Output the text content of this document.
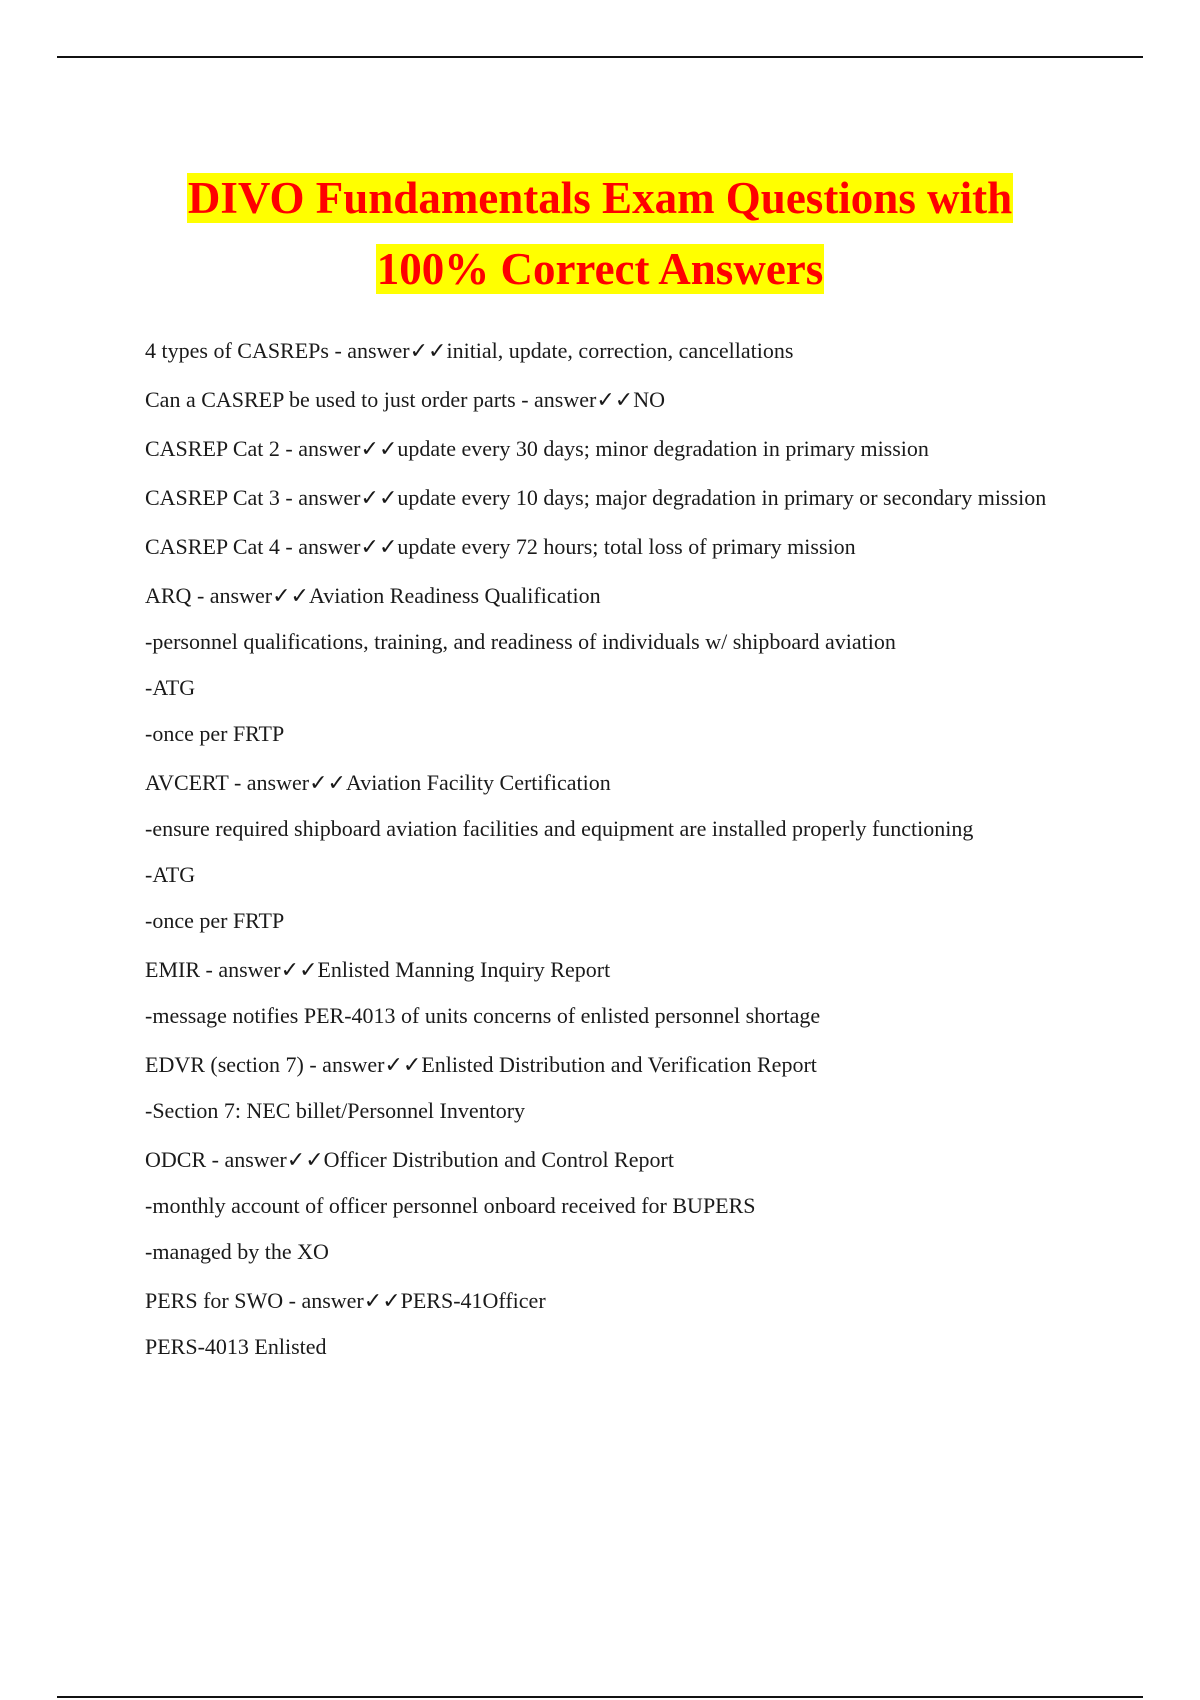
DIVO Fundamentals Exam Questions with
100% Correct Answers

4 types of CASREPs - answer✓✓initial, update, correction, cancellations

Can a CASREP be used to just order parts - answer✓✓NO

CASREP Cat 2 - answer✓✓update every 30 days; minor degradation in primary mission

CASREP Cat 3 - answer✓✓update every 10 days; major degradation in primary or secondary mission

CASREP Cat 4 - answer✓✓update every 72 hours; total loss of primary mission

ARQ - answer✓✓Aviation Readiness Qualification

-personnel qualifications, training, and readiness of individuals w/ shipboard aviation

-ATG

-once per FRTP

AVCERT - answer✓✓Aviation Facility Certification

-ensure required shipboard aviation facilities and equipment are installed properly functioning

-ATG

-once per FRTP

EMIR - answer✓✓Enlisted Manning Inquiry Report

-message notifies PER-4013 of units concerns of enlisted personnel shortage

EDVR (section 7) - answer✓✓Enlisted Distribution and Verification Report

-Section 7: NEC billet/Personnel Inventory

ODCR - answer✓✓Officer Distribution and Control Report

-monthly account of officer personnel onboard received for BUPERS

-managed by the XO

PERS for SWO - answer✓✓PERS-41Officer

PERS-4013 Enlisted
